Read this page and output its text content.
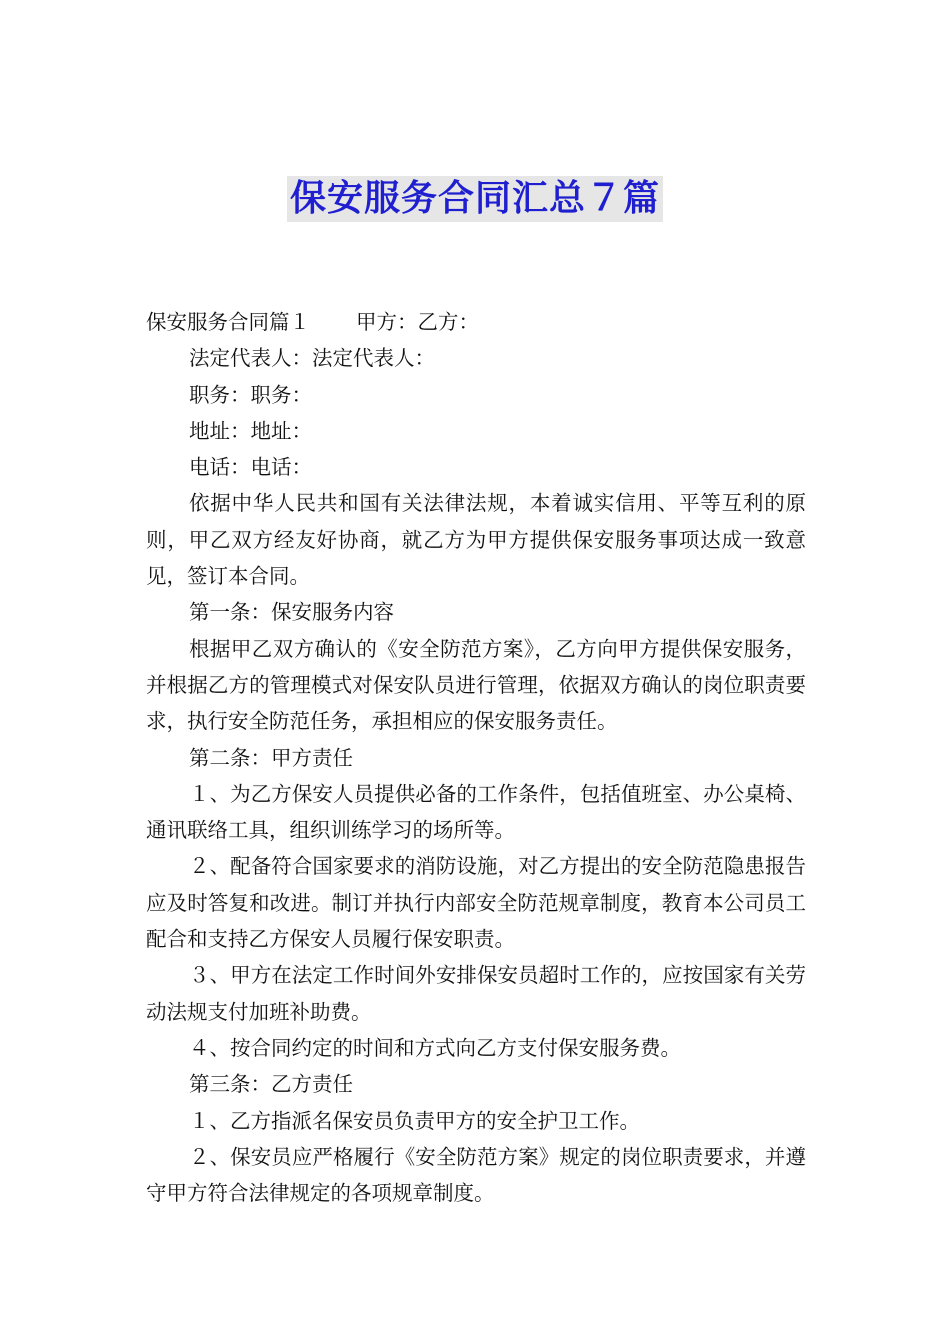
保安服务合同汇总７篇

保安服务合同篇１ 甲方：乙方：

法定代表人：法定代表人：

职务：职务：

地址：地址：

电话：电话：

依据中华人民共和国有关法律法规，本着诚实信用、平等互利的原则，甲乙双方经友好协商，就乙方为甲方提供保安服务事项达成一致意见，签订本合同。

第一条：保安服务内容

根据甲乙双方确认的《安全防范方案》，乙方向甲方提供保安服务，并根据乙方的管理模式对保安队员进行管理，依据双方确认的岗位职责要求，执行安全防范任务，承担相应的保安服务责任。

第二条：甲方责任

１、为乙方保安人员提供必备的工作条件，包括值班室、办公桌椅、通讯联络工具，组织训练学习的场所等。

２、配备符合国家要求的消防设施，对乙方提出的安全防范隐患报告应及时答复和改进。制订并执行内部安全防范规章制度，教育本公司员工配合和支持乙方保安人员履行保安职责。

３、甲方在法定工作时间外安排保安员超时工作的，应按国家有关劳动法规支付加班补助费。

４、按合同约定的时间和方式向乙方支付保安服务费。

第三条：乙方责任

１、乙方指派名保安员负责甲方的安全护卫工作。

２、保安员应严格履行《安全防范方案》规定的岗位职责要求，并遵守甲方符合法律规定的各项规章制度。
